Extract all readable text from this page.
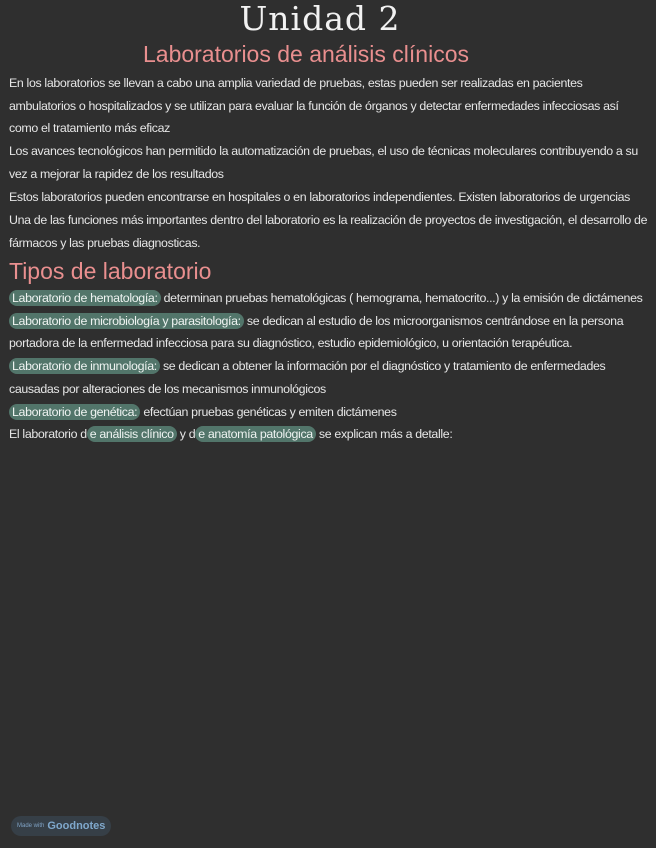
Unidad 2
Laboratorios de análisis clínicos
En los laboratorios se llevan a cabo una amplia variedad de pruebas, estas pueden ser realizadas en pacientes ambulatorios o hospitalizados y se utilizan para evaluar la función de órganos y detectar enfermedades infecciosas así como el tratamiento más eficaz
Los avances tecnológicos han permitido la automatización de pruebas, el uso de técnicas moleculares contribuyendo a su vez a mejorar la rapidez de los resultados
Estos laboratorios pueden encontrarse en hospitales o en laboratorios independientes. Existen laboratorios de urgencias
Una de las funciones más importantes dentro del laboratorio es la realización de proyectos de investigación, el desarrollo de fármacos y las pruebas diagnosticas.
Tipos de laboratorio
Laboratorio de hematología: determinan pruebas hematológicas ( hemograma, hematocrito...) y la emisión de dictámenes
Laboratorio de microbiología y parasitología: se dedican al estudio de los microorganismos centrándose en la persona portadora de la enfermedad infecciosa para su diagnóstico, estudio epidemiológico, u orientación terapéutica.
Laboratorio de inmunología: se dedican a obtener la información por el diagnóstico y tratamiento de enfermedades causadas por alteraciones de los mecanismos inmunológicos
Laboratorio de genética: efectúan pruebas genéticas y emiten dictámenes
El laboratorio d e análisis clínico y d e anatomía patológica se explican más a detalle:
Made with Goodnotes
